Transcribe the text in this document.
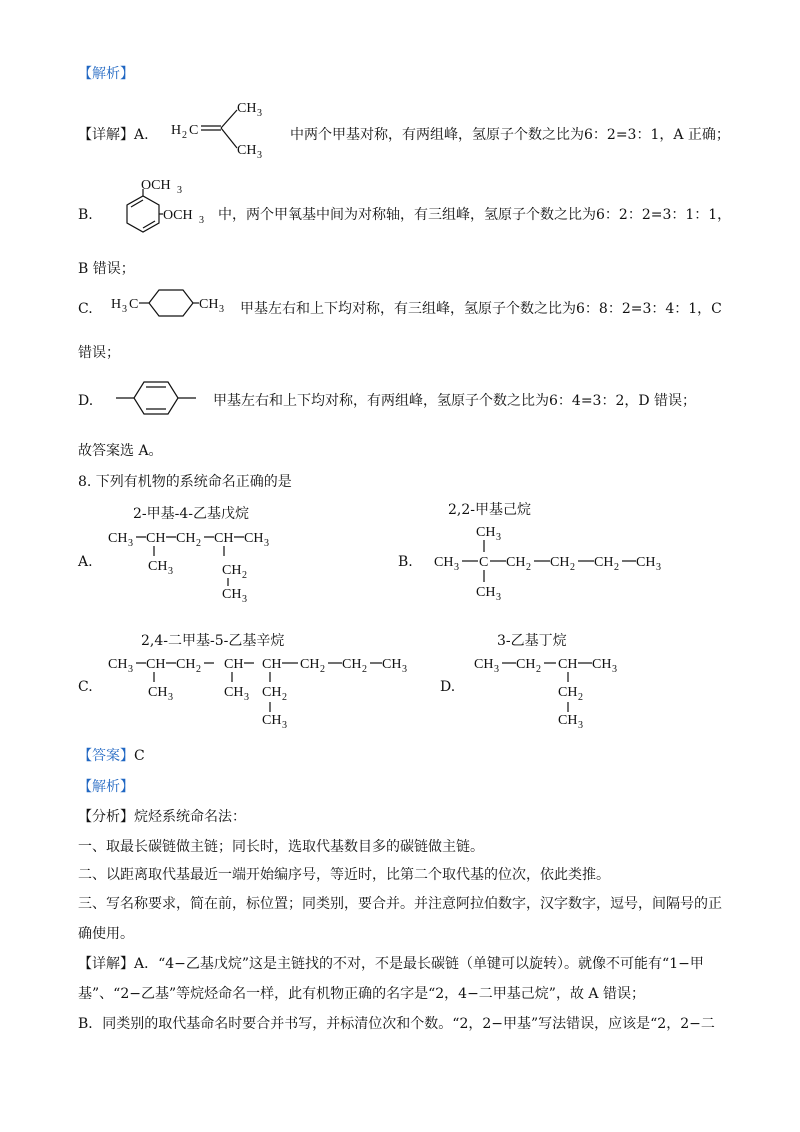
【解析】
【详解】A. H 2 C
CH 3
CH 3
中两个甲基对称，有两组峰，氢原子个数之比为6：2=3：1，A 正确；
B.
OCH 3
OCH 3 中，两个甲氧基中间为对称轴，有三组峰，氢原子个数之比为6：2：2=3：1：1，
B 错误；
C. H 3 C	CH 3 甲基左右和上下均对称，有三组峰，氢原子个数之比为6：8：2=3：4：1，C
错误；
D.	甲基左右和上下均对称，有两组峰，氢原子个数之比为6：4=3：2，D 错误；
故答案选 A。
8. 下列有机物的系统命名正确的是
A.
2-甲基-4-乙基戊烷
CH 3 CH CH 2 CH CH 3
CH 3	CH 2
CH 3
B.
2,2-甲基己烷
CH 3
CH 3 C CH 2 CH 2 CH 2 CH 3
CH 3
C.
2,4-二甲基-5-乙基辛烷
CH 3 CH CH 2 CH CH CH 2 CH 2 CH 3
CH 3	CH 3 CH 2
CH 3
D.
3-乙基丁烷
CH 3 CH 2 CH CH 3
CH 2
CH 3
【答案】C
【解析】
【分析】烷烃系统命名法：
一、取最长碳链做主链；同长时，选取代基数目多的碳链做主链。
二、以距离取代基最近一端开始编序号，等近时，比第二个取代基的位次，依此类推。
三、写名称要求，简在前，标位置；同类别，要合并。并注意阿拉伯数字，汉字数字，逗号，间隔号的正
确使用。
【详解】A．“4−乙基戊烷”这是主链找的不对，不是最长碳链（单键可以旋转）。就像不可能有“1−甲
基”、“2−乙基”等烷烃命名一样，此有机物正确的名字是“2，4−二甲基己烷”，故 A 错误；
B．同类别的取代基命名时要合并书写，并标清位次和个数。“2，2−甲基”写法错误，应该是“2，2−二
